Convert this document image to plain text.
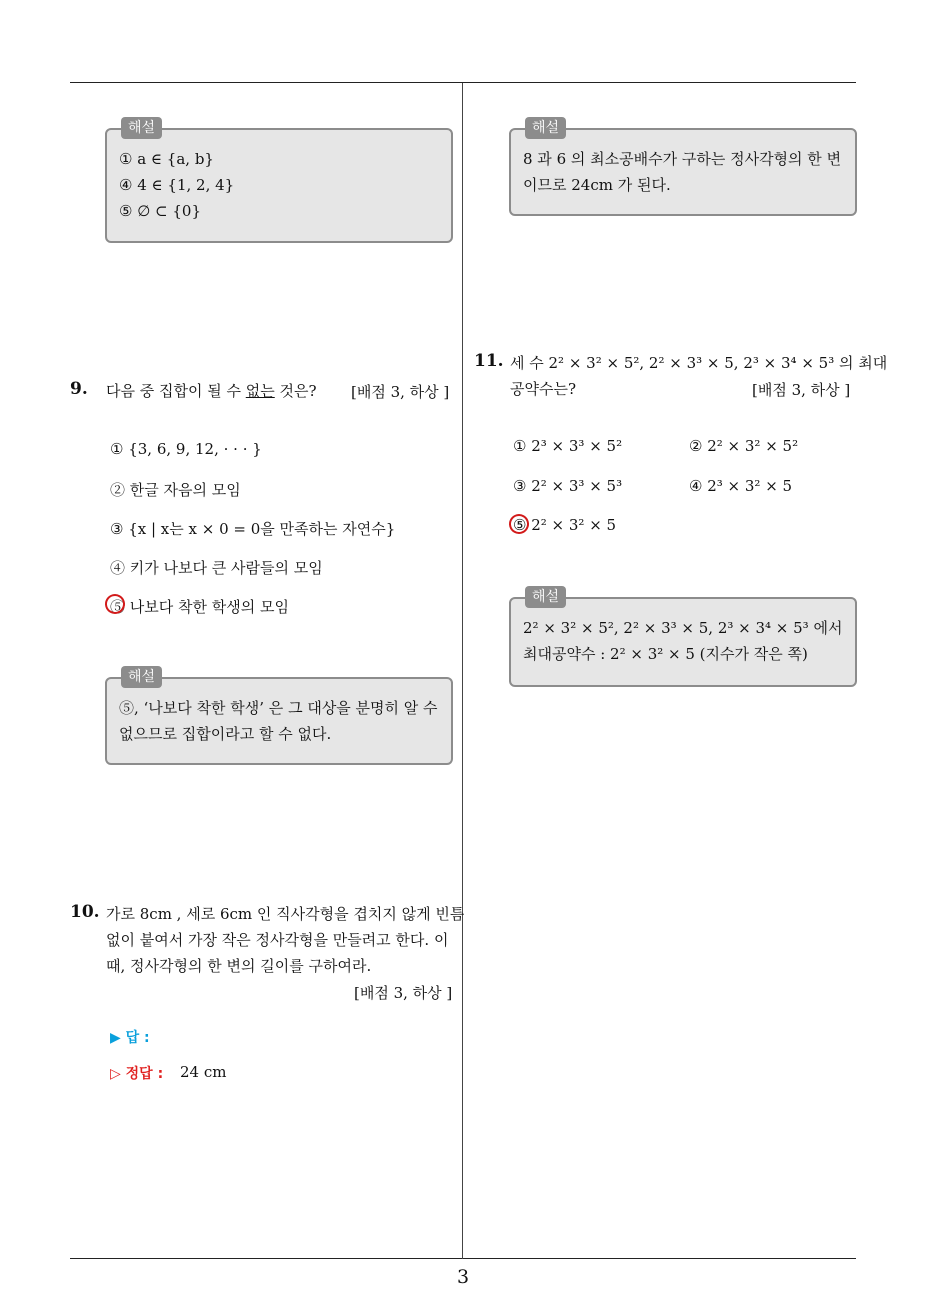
해설
① a ∈ {a, b}
④ 4 ∈ {1, 2, 4}
⑤ ∅ ⊂ {0}
9. 다음 중 집합이 될 수 없는 것은? [배점 3, 하상 ]
① {3, 6, 9, 12, · · · }
② 한글 자음의 모임
③ {x | x는 x × 0 = 0을 만족하는 자연수}
④ 키가 나보다 큰 사람들의 모임
⑤ 나보다 착한 학생의 모임
해설
⑤, ‘나보다 착한 학생’ 은 그 대상을 분명히 알 수
없으므로 집합이라고 할 수 없다.
10. 가로 8cm , 세로 6cm 인 직사각형을 겹치지 않게 빈틈
없이 붙여서 가장 작은 정사각형을 만들려고 한다. 이
때, 정사각형의 한 변의 길이를 구하여라.
[배점 3, 하상 ]
▶ 답 :
▷ 정답 : 24 cm
해설
8 과 6 의 최소공배수가 구하는 정사각형의 한 변
이므로 24cm 가 된다.
11. 세 수 2² × 3² × 5², 2² × 3³ × 5, 2³ × 3⁴ × 5³ 의 최대
공약수는?	[배점 3, 하상 ]
① 2³ × 3³ × 5²	② 2² × 3² × 5²
③ 2² × 3³ × 5³	④ 2³ × 3² × 5
⑤ 2² × 3² × 5
해설
2² × 3² × 5², 2² × 3³ × 5, 2³ × 3⁴ × 5³ 에서
최대공약수 : 2² × 3² × 5 (지수가 작은 쪽)
3
